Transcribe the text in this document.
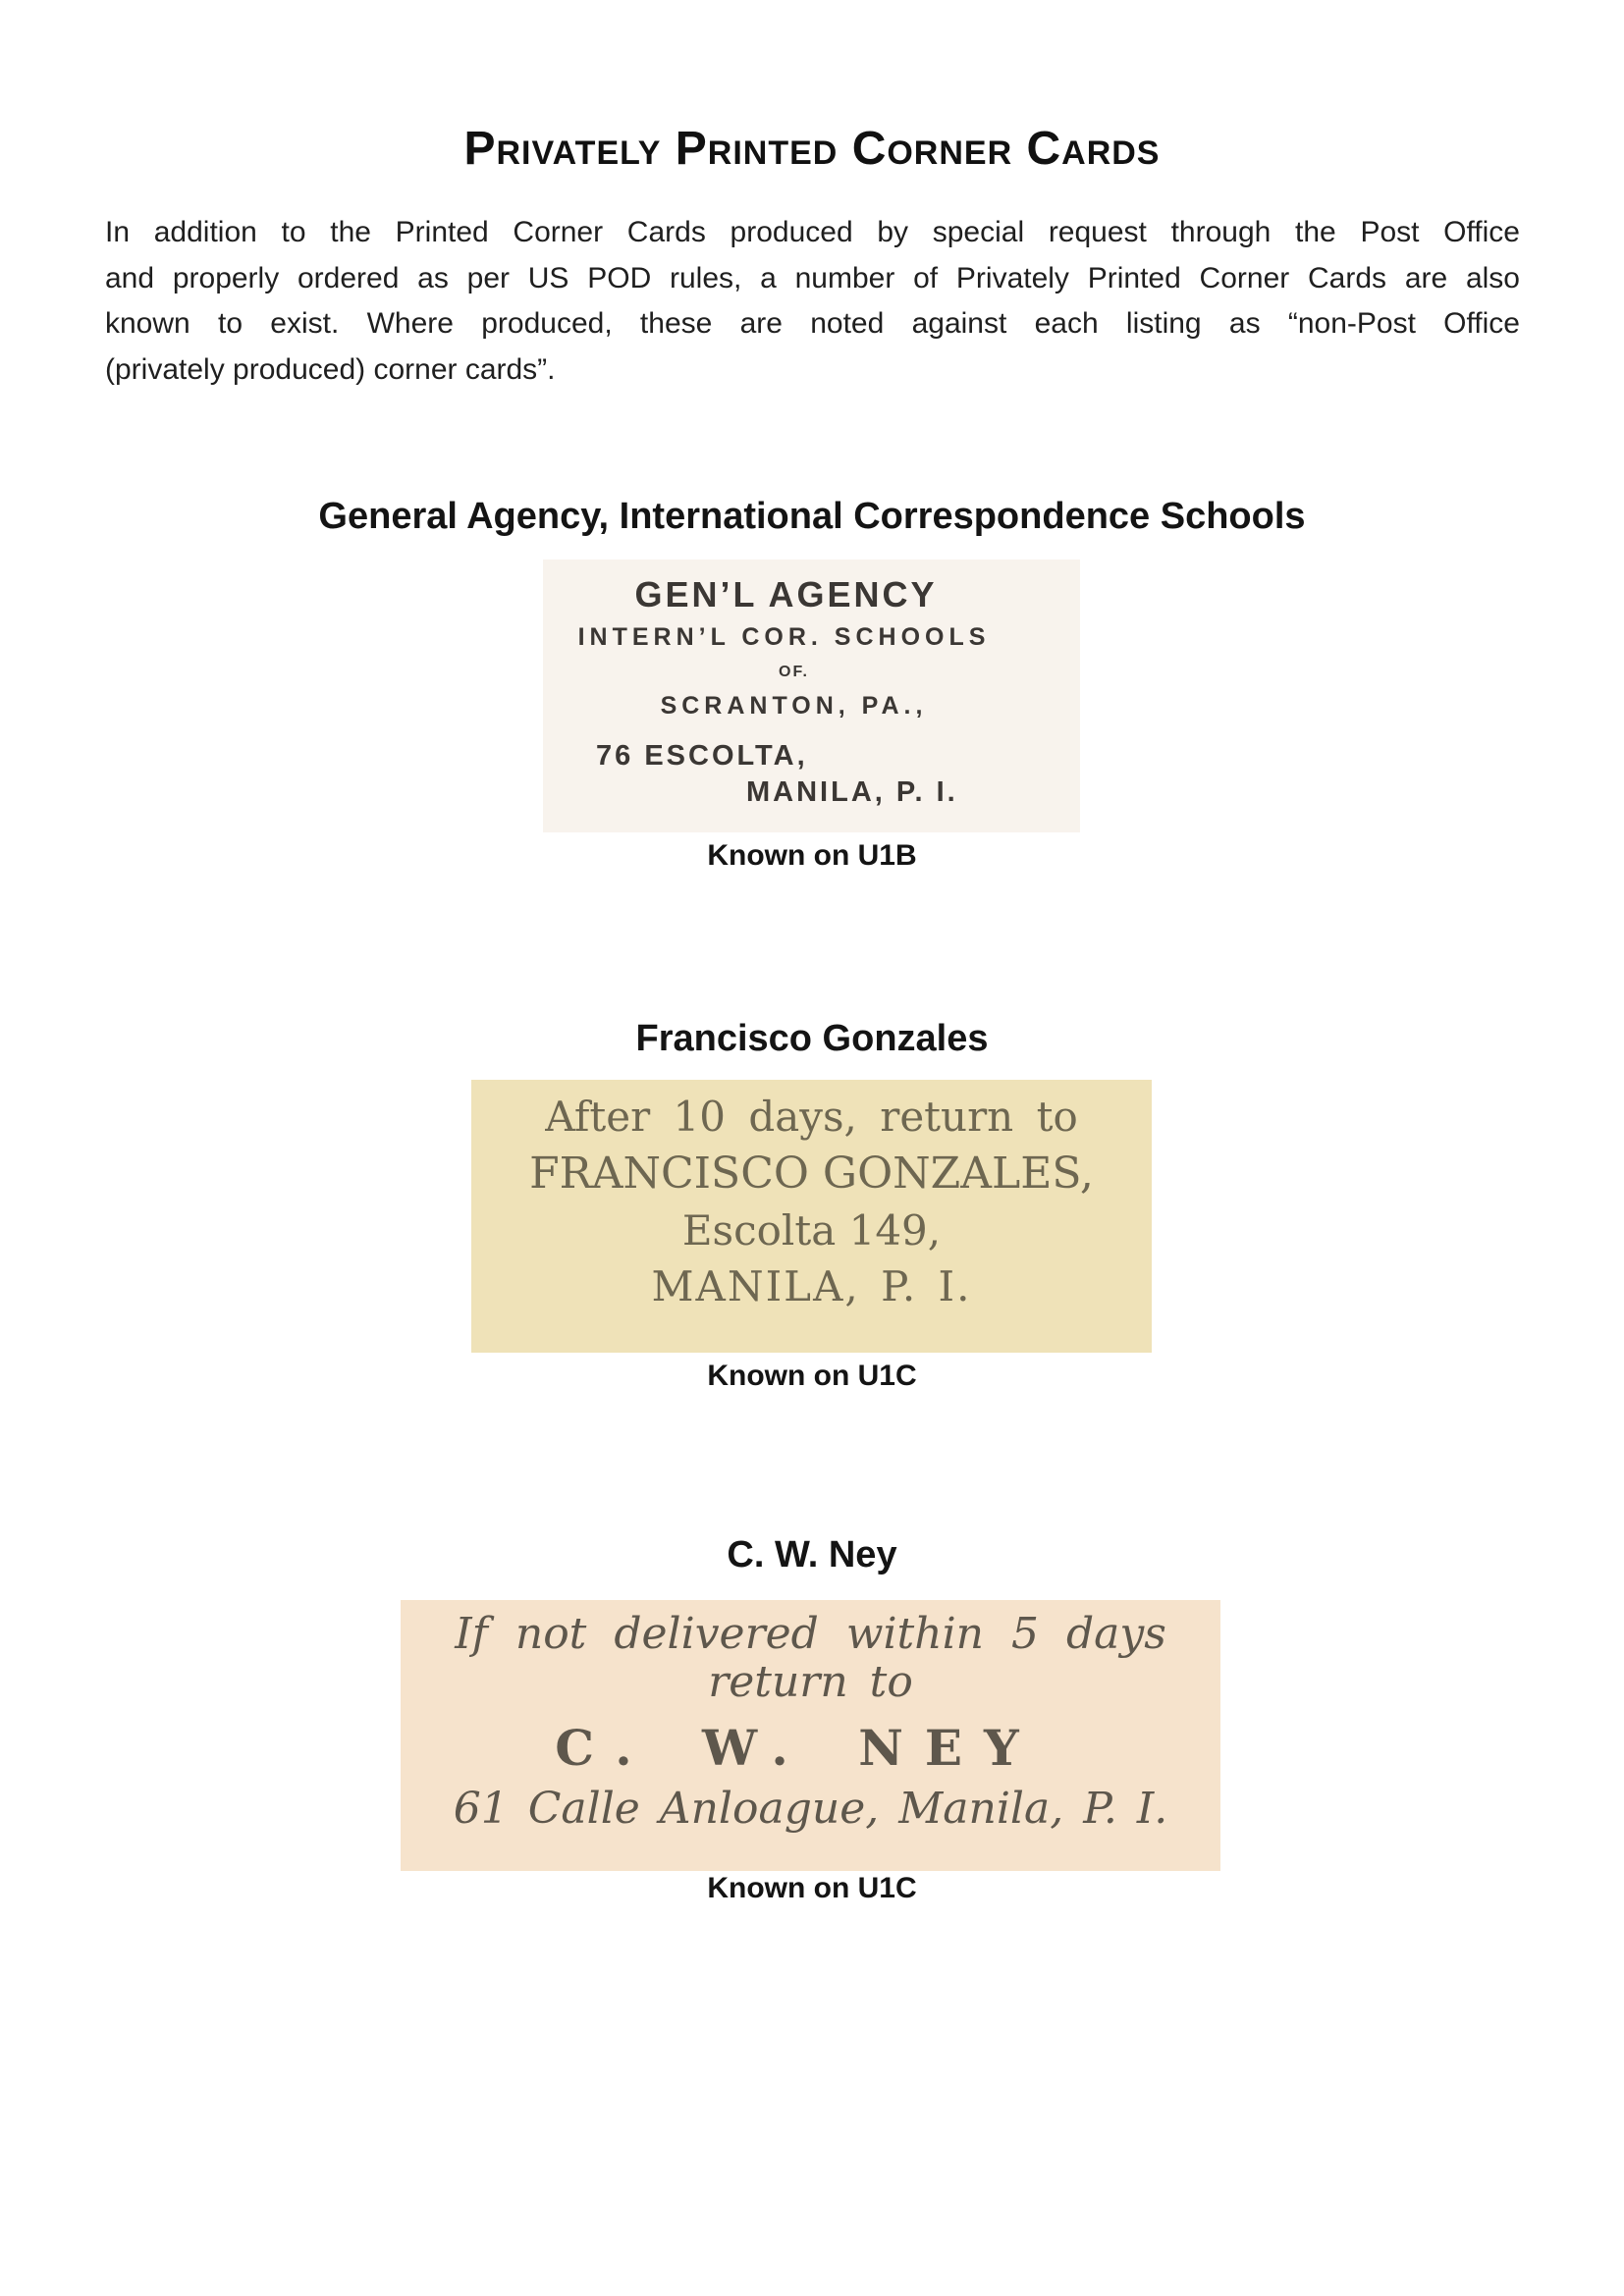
Privately Printed Corner Cards
In addition to the Printed Corner Cards produced by special request through the Post Office
and properly ordered as per US POD rules, a number of Privately Printed Corner Cards are also
known to exist. Where produced, these are noted against each listing as “non-Post Office
(privately produced) corner cards”.
General Agency, International Correspondence Schools
GEN’L AGENCY
INTERN’L COR. SCHOOLS
OF.
SCRANTON, PA.,
76 ESCOLTA,
MANILA, P. I.
Known on U1B
Francisco Gonzales
After 10 days, return to
FRANCISCO GONZALES,
Escolta 149,
MANILA, P. I.
Known on U1C
C. W. Ney
If not delivered within 5 days
return to
C. W. NEY
61 Calle Anloague, Manila, P. I.
Known on U1C
